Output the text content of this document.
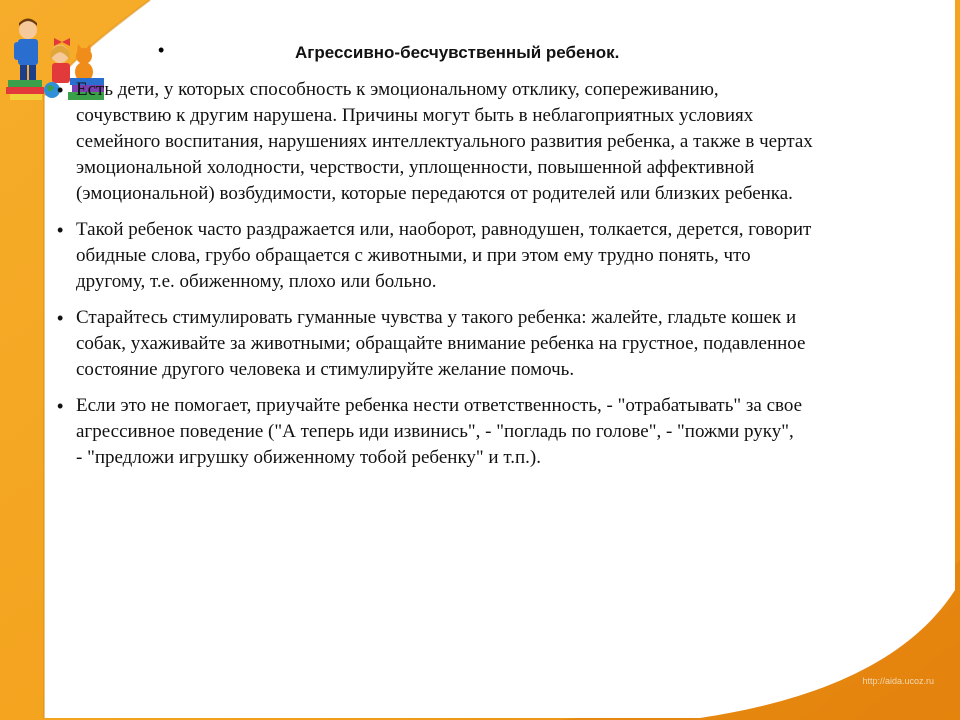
•	Агрессивно-бесчувственный ребенок.
• Есть дети, у которых способность к эмоциональному отклику, сопереживанию,
сочувствию к другим нарушена. Причины могут быть в неблагоприятных условиях
семейного воспитания, нарушениях интеллектуального развития ребенка, а также в чертах
эмоциональной холодности, черствости, уплощенности, повышенной аффективной
(эмоциональной) возбудимости, которые передаются от родителей или близких ребенка.
• Такой ребенок часто раздражается или, наоборот, равнодушен, толкается, дерется, говорит
обидные слова, грубо обращается с животными, и при этом ему трудно понять, что
другому, т.е. обиженному, плохо или больно.
• Старайтесь стимулировать гуманные чувства у такого ребенка: жалейте, гладьте кошек и
собак, ухаживайте за животными; обращайте внимание ребенка на грустное, подавленное
состояние другого человека и стимулируйте желание помочь.
• Если это не помогает, приучайте ребенка нести ответственность, - "отрабатывать" за свое
агрессивное поведение ("А теперь иди извинись", - "погладь по голове", - "пожми руку",
- "предложи игрушку обиженному тобой ребенку" и т.п.).
http://aida.ucoz.ru
